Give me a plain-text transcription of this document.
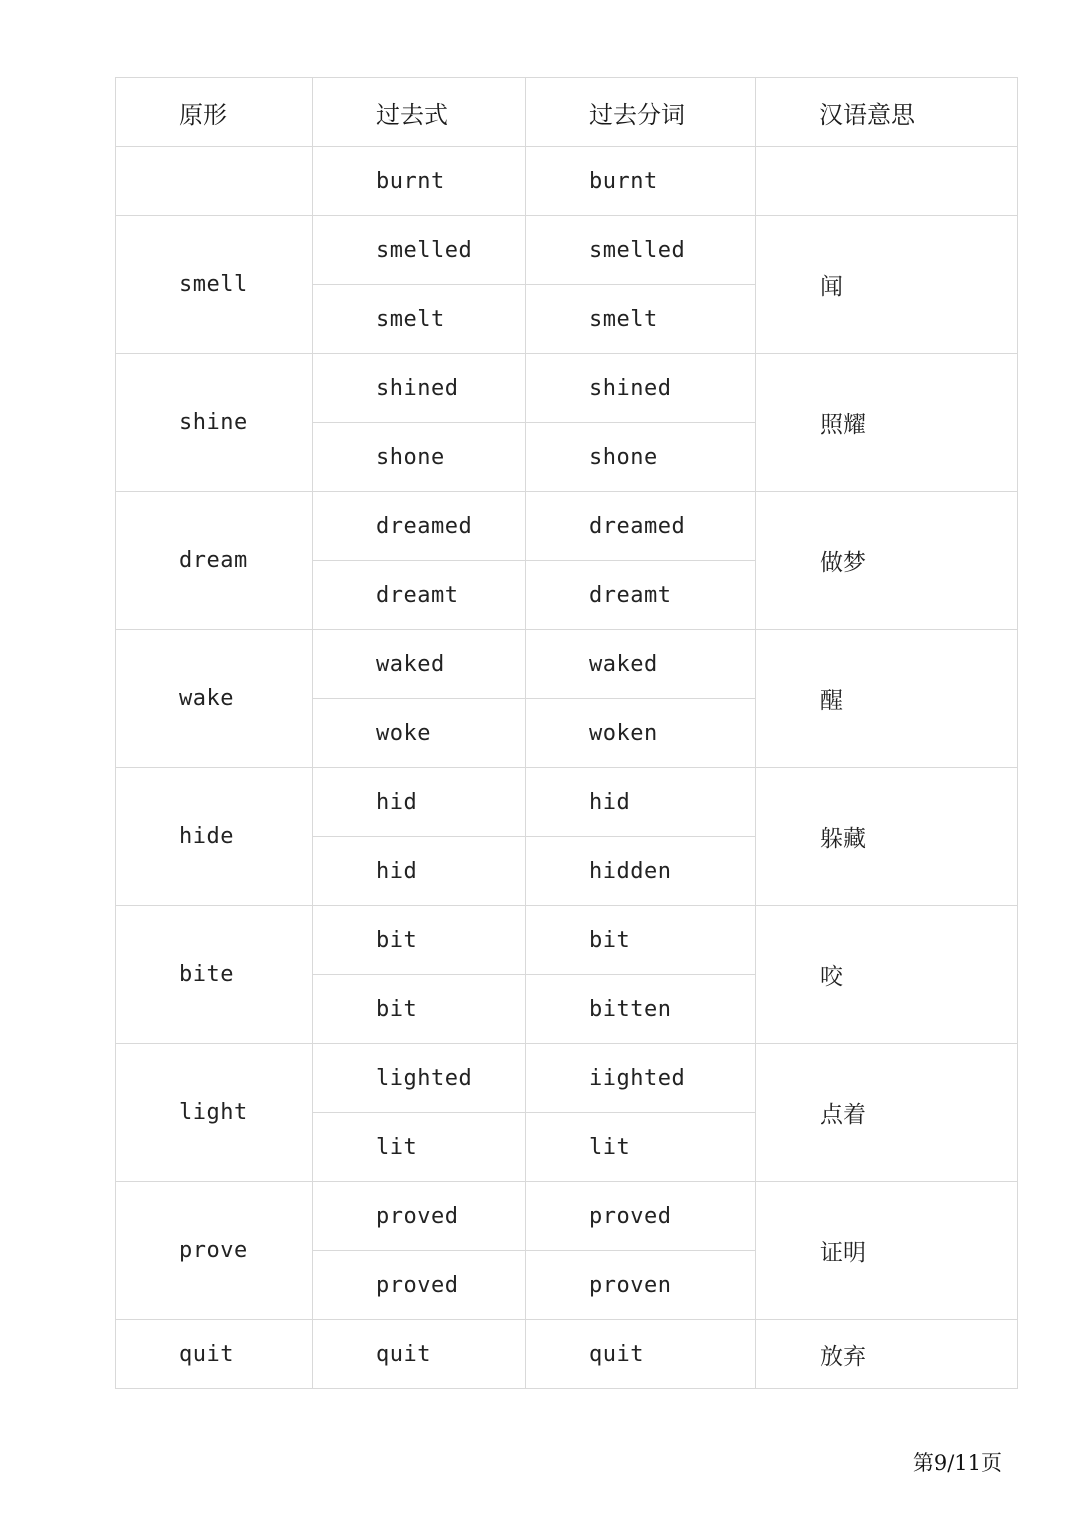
原形	过去式	过去分词	汉语意思
	burnt	burnt	
smell	smelled	smelled	闻
	smelt	smelt	
shine	shined	shined	照耀
	shone	shone	
dream	dreamed	dreamed	做梦
	dreamt	dreamt	
wake	waked	waked	醒
	woke	woken	
hide	hid	hid	躲藏
	hid	hidden	
bite	bit	bit	咬
	bit	bitten	
light	lighted	iighted	点着
	lit	lit	
prove	proved	proved	证明
	proved	proven	
quit	quit	quit	放弃
第9/11页
